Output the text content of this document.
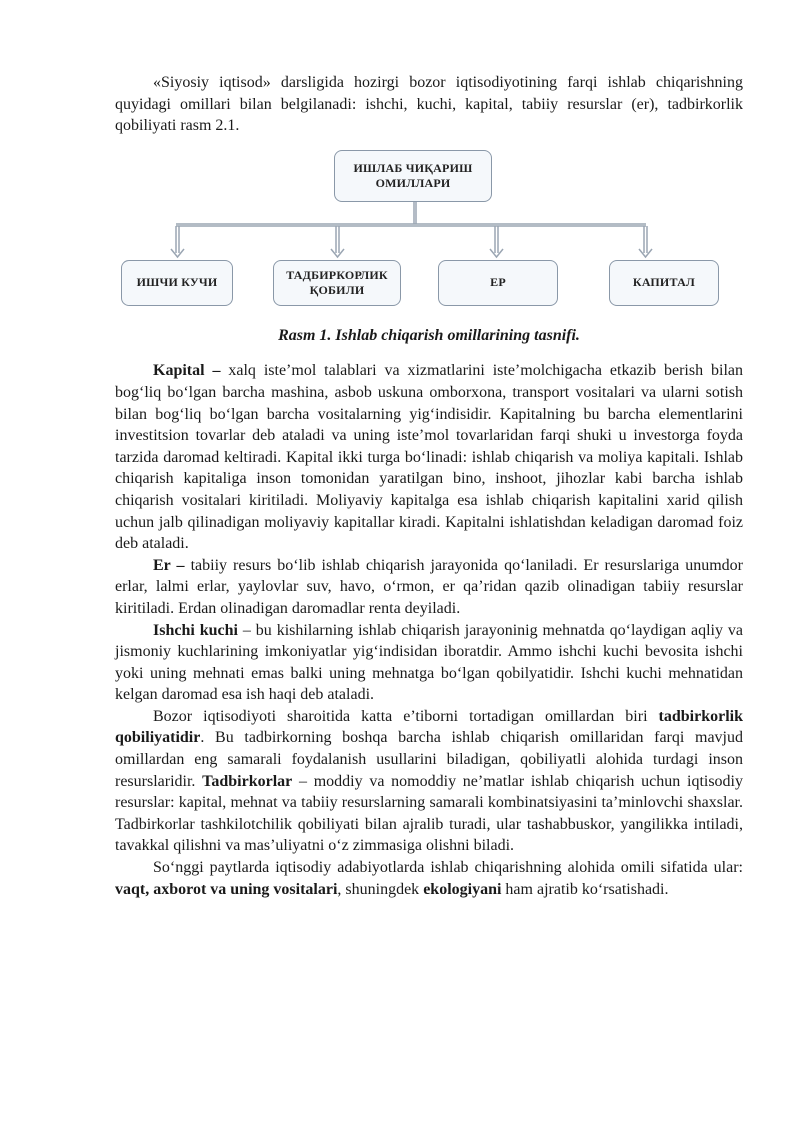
«Siyosiy iqtisod» darsligida hozirgi bozor iqtisodiyotining farqi ishlab chiqarishning quyidagi omillari bilan belgilanadi: ishchi, kuchi, kapital, tabiiy resurslar (er), tadbirkorlik qobiliyati rasm 2.1.

ИШЛАБ ЧИҚАРИШ ОМИЛЛАРИ
ИШЧИ КУЧИ
ТАДБИРКОРЛИК ҚОБИЛИ
ЕР	КАПИТАЛ

Rasm 1. Ishlab chiqarish omillarining tasnifi.

Kapital – xalq iste’mol talablari va xizmatlarini iste’molchigacha etkazib berish bilan bog‘liq bo‘lgan barcha mashina, asbob uskuna omborxona, transport vositalari va ularni sotish bilan bog‘liq bo‘lgan barcha vositalarning yig‘indisidir. Kapitalning bu barcha elementlarini investitsion tovarlar deb ataladi va uning iste’mol tovarlaridan farqi shuki u investorga foyda tarzida daromad keltiradi. Kapital ikki turga bo‘linadi: ishlab chiqarish va moliya kapitali. Ishlab chiqarish kapitaliga inson tomonidan yaratilgan bino, inshoot, jihozlar kabi barcha ishlab chiqarish vositalari kiritiladi. Moliyaviy kapitalga esa ishlab chiqarish kapitalini xarid qilish uchun jalb qilinadigan moliyaviy kapitallar kiradi. Kapitalni ishlatishdan keladigan daromad foiz deb ataladi.

Er – tabiiy resurs bo‘lib ishlab chiqarish jarayonida qo‘laniladi. Er resurslariga unumdor erlar, lalmi erlar, yaylovlar suv, havo, o‘rmon, er qa’ridan qazib olinadigan tabiiy resurslar kiritiladi. Erdan olinadigan daromadlar renta deyiladi.

Ishchi kuchi – bu kishilarning ishlab chiqarish jarayoninig mehnatda qo‘laydigan aqliy va jismoniy kuchlarining imkoniyatlar yig‘indisidan iboratdir. Ammo ishchi kuchi bevosita ishchi yoki uning mehnati emas balki uning mehnatga bo‘lgan qobilyatidir. Ishchi kuchi mehnatidan kelgan daromad esa ish haqi deb ataladi.

Bozor iqtisodiyoti sharoitida katta e’tiborni tortadigan omillardan biri tadbirkorlik qobiliyatidir. Bu tadbirkorning boshqa barcha ishlab chiqarish omillaridan farqi mavjud omillardan eng samarali foydalanish usullarini biladigan, qobiliyatli alohida turdagi inson resurslaridir. Tadbirkorlar – moddiy va nomoddiy ne’matlar ishlab chiqarish uchun iqtisodiy resurslar: kapital, mehnat va tabiiy resurslarning samarali kombinatsiyasini ta’minlovchi shaxslar. Tadbirkorlar tashkilotchilik qobiliyati bilan ajralib turadi, ular tashabbuskor, yangilikka intiladi, tavakkal qilishni va mas’uliyatni o‘z zimmasiga olishni biladi.

So‘nggi paytlarda iqtisodiy adabiyotlarda ishlab chiqarishning alohida omili sifatida ular: vaqt, axborot va uning vositalari, shuningdek ekologiyani ham ajratib ko‘rsatishadi.
